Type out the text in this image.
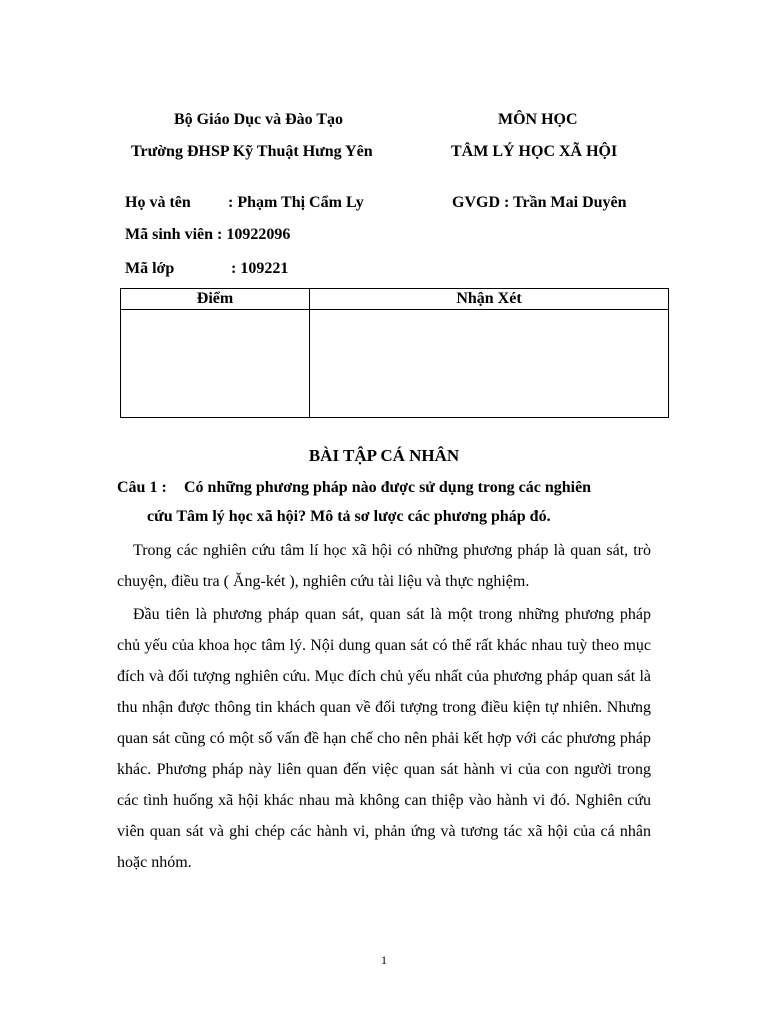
Bộ Giáo Dục và Đào Tạo
Trường ĐHSP Kỹ Thuật Hưng Yên
MÔN HỌC
TÂM LÝ HỌC XÃ HỘI
Họ và tên : Phạm Thị Cẩm Ly	GVGD : Trần Mai Duyên
Mã sinh viên : 10922096
Mã lớp	: 109221
Điểm	Nhận Xét
BÀI TẬP CÁ NHÂN
Câu 1 : Có những phương pháp nào được sử dụng trong các nghiên
cứu Tâm lý học xã hội? Mô tả sơ lược các phương pháp đó.

Trong các nghiên cứu tâm lí học xã hội có những phương pháp là quan sát, trò chuyện, điều tra ( Ăng-két ), nghiên cứu tài liệu và thực nghiệm.

Đầu tiên là phương pháp quan sát, quan sát là một trong những phương pháp chủ yếu của khoa học tâm lý. Nội dung quan sát có thể rất khác nhau tuỳ theo mục đích và đối tượng nghiên cứu. Mục đích chủ yếu nhất của phương pháp quan sát là thu nhận được thông tin khách quan về đối tượng trong điều kiện tự nhiên. Nhưng quan sát cũng có một số vấn đề hạn chế cho nên phải kết hợp với các phương pháp khác. Phương pháp này liên quan đến việc quan sát hành vi của con người trong các tình huống xã hội khác nhau mà không can thiệp vào hành vi đó. Nghiên cứu viên quan sát và ghi chép các hành vi, phản ứng và tương tác xã hội của cá nhân hoặc nhóm.

1
